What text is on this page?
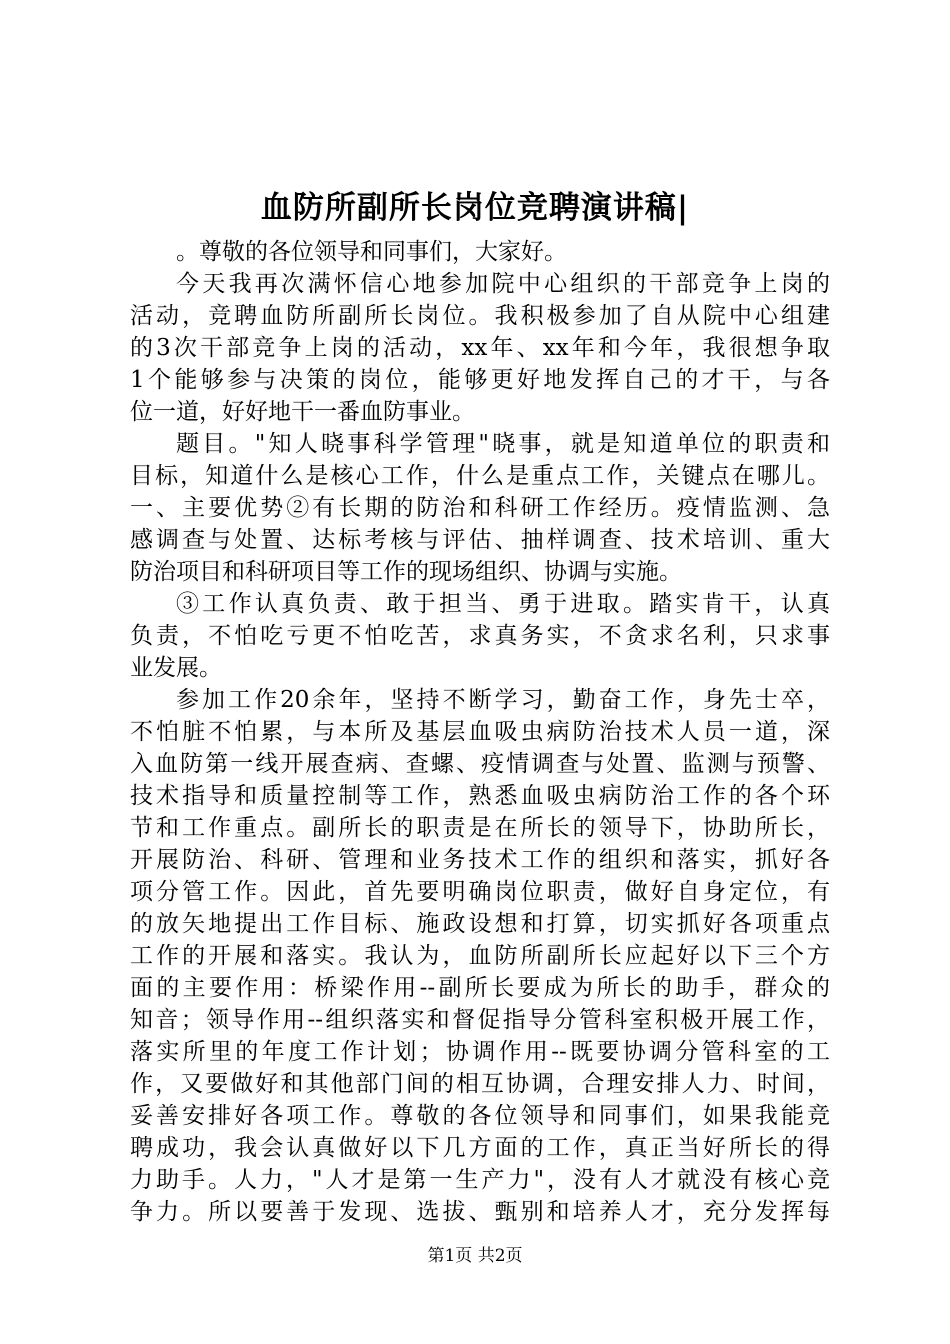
血防所副所长岗位竞聘演讲稿|
。尊敬的各位领导和同事们，大家好。
今天我再次满怀信心地参加院中心组织的干部竞争上岗的
活动，竞聘血防所副所长岗位。我积极参加了自从院中心组建
的3次干部竞争上岗的活动，xx年、xx年和今年，我很想争取
1个能够参与决策的岗位，能够更好地发挥自己的才干，与各
位一道，好好地干一番血防事业。
题目。"知人晓事科学管理"晓事，就是知道单位的职责和
目标，知道什么是核心工作，什么是重点工作，关键点在哪儿。
一、主要优势②有长期的防治和科研工作经历。疫情监测、急
感调查与处置、达标考核与评估、抽样调查、技术培训、重大
防治项目和科研项目等工作的现场组织、协调与实施。
③工作认真负责、敢于担当、勇于进取。踏实肯干，认真
负责，不怕吃亏更不怕吃苦，求真务实，不贪求名利，只求事
业发展。
参加工作20余年，坚持不断学习，勤奋工作，身先士卒，
不怕脏不怕累，与本所及基层血吸虫病防治技术人员一道，深
入血防第一线开展查病、查螺、疫情调查与处置、监测与预警、
技术指导和质量控制等工作，熟悉血吸虫病防治工作的各个环
节和工作重点。副所长的职责是在所长的领导下，协助所长，
开展防治、科研、管理和业务技术工作的组织和落实，抓好各
项分管工作。因此，首先要明确岗位职责，做好自身定位，有
的放矢地提出工作目标、施政设想和打算，切实抓好各项重点
工作的开展和落实。我认为，血防所副所长应起好以下三个方
面的主要作用：桥梁作用--副所长要成为所长的助手，群众的
知音；领导作用--组织落实和督促指导分管科室积极开展工作，
落实所里的年度工作计划；协调作用--既要协调分管科室的工
作，又要做好和其他部门间的相互协调，合理安排人力、时间，
妥善安排好各项工作。尊敬的各位领导和同事们，如果我能竞
聘成功，我会认真做好以下几方面的工作，真正当好所长的得
力助手。人力，"人才是第一生产力"，没有人才就没有核心竞
争力。所以要善于发现、选拔、甄别和培养人才，充分发挥每
第1页 共2页
